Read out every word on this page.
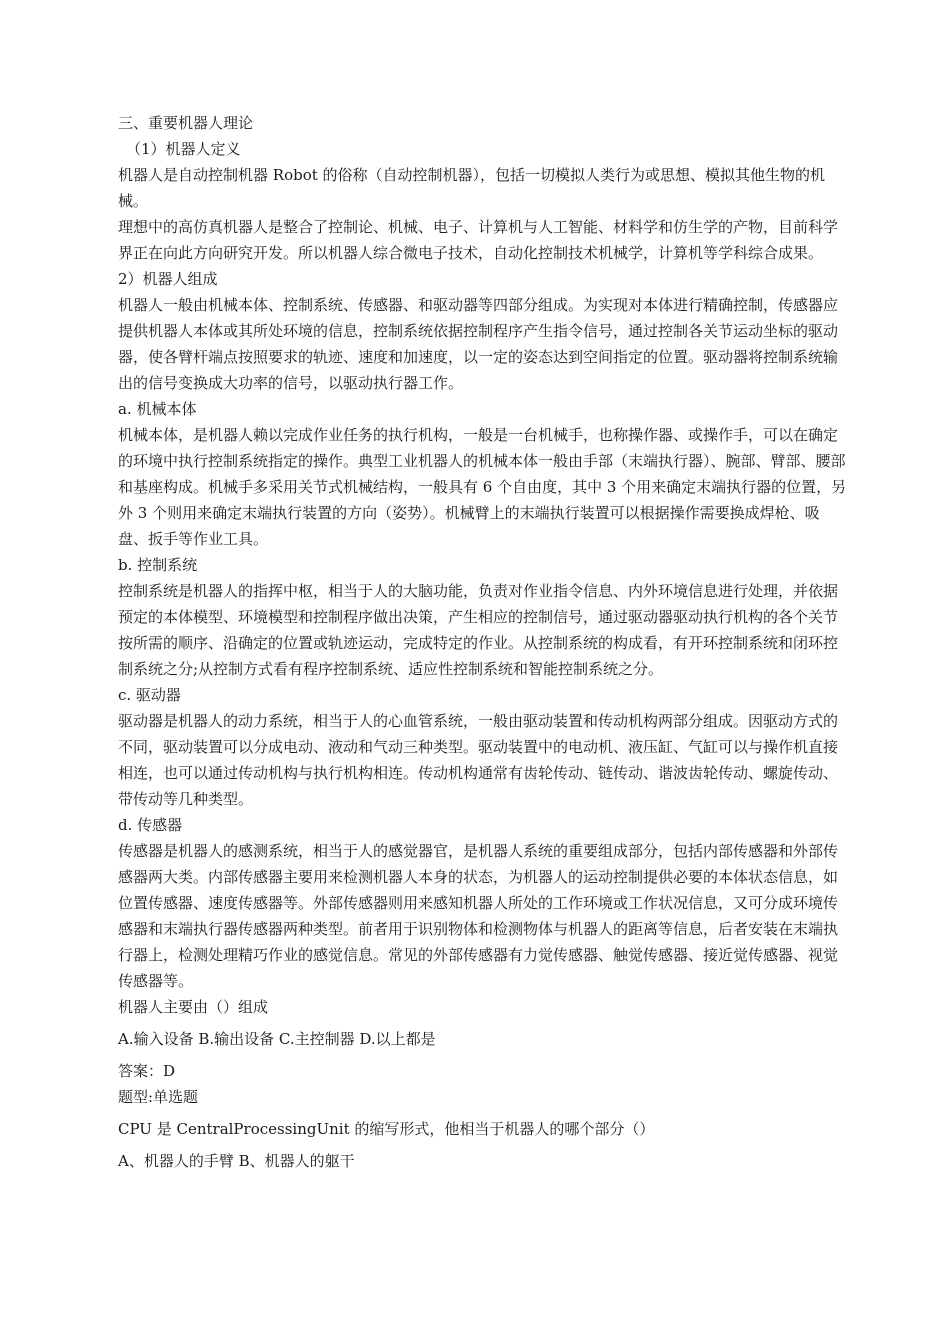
三、重要机器人理论

（1）机器人定义

机器人是自动控制机器 Robot 的俗称（自动控制机器），包括一切模拟人类行为或思想、模拟其他生物的机械。

理想中的高仿真机器人是整合了控制论、机械、电子、计算机与人工智能、材料学和仿生学的产物，目前科学界正在向此方向研究开发。所以机器人综合微电子技术，自动化控制技术机械学，计算机等学科综合成果。

2）机器人组成

机器人一般由机械本体、控制系统、传感器、和驱动器等四部分组成。为实现对本体进行精确控制，传感器应提供机器人本体或其所处环境的信息，控制系统依据控制程序产生指令信号，通过控制各关节运动坐标的驱动器，使各臂杆端点按照要求的轨迹、速度和加速度，以一定的姿态达到空间指定的位置。驱动器将控制系统输出的信号变换成大功率的信号，以驱动执行器工作。

a. 机械本体

机械本体，是机器人赖以完成作业任务的执行机构，一般是一台机械手，也称操作器、或操作手，可以在确定的环境中执行控制系统指定的操作。典型工业机器人的机械本体一般由手部（末端执行器）、腕部、臂部、腰部和基座构成。机械手多采用关节式机械结构，一般具有 6 个自由度，其中 3 个用来确定末端执行器的位置，另外 3 个则用来确定末端执行装置的方向（姿势）。机械臂上的末端执行装置可以根据操作需要换成焊枪、吸盘、扳手等作业工具。

b. 控制系统

控制系统是机器人的指挥中枢，相当于人的大脑功能，负责对作业指令信息、内外环境信息进行处理，并依据预定的本体模型、环境模型和控制程序做出决策，产生相应的控制信号，通过驱动器驱动执行机构的各个关节按所需的顺序、沿确定的位置或轨迹运动，完成特定的作业。从控制系统的构成看，有开环控制系统和闭环控制系统之分;从控制方式看有程序控制系统、适应性控制系统和智能控制系统之分。

c. 驱动器

驱动器是机器人的动力系统，相当于人的心血管系统，一般由驱动装置和传动机构两部分组成。因驱动方式的不同，驱动装置可以分成电动、液动和气动三种类型。驱动装置中的电动机、液压缸、气缸可以与操作机直接相连，也可以通过传动机构与执行机构相连。传动机构通常有齿轮传动、链传动、谐波齿轮传动、螺旋传动、带传动等几种类型。

d. 传感器

传感器是机器人的感测系统，相当于人的感觉器官，是机器人系统的重要组成部分，包括内部传感器和外部传感器两大类。内部传感器主要用来检测机器人本身的状态，为机器人的运动控制提供必要的本体状态信息，如位置传感器、速度传感器等。外部传感器则用来感知机器人所处的工作环境或工作状况信息，又可分成环境传感器和末端执行器传感器两种类型。前者用于识别物体和检测物体与机器人的距离等信息，后者安装在末端执行器上，检测处理精巧作业的感觉信息。常见的外部传感器有力觉传感器、触觉传感器、接近觉传感器、视觉传感器等。

机器人主要由（）组成

A.输入设备 B.输出设备 C.主控制器 D.以上都是

答案：D

题型:单选题

CPU 是 CentralProcessingUnit 的缩写形式，他相当于机器人的哪个部分（）

A、机器人的手臂 B、机器人的躯干
